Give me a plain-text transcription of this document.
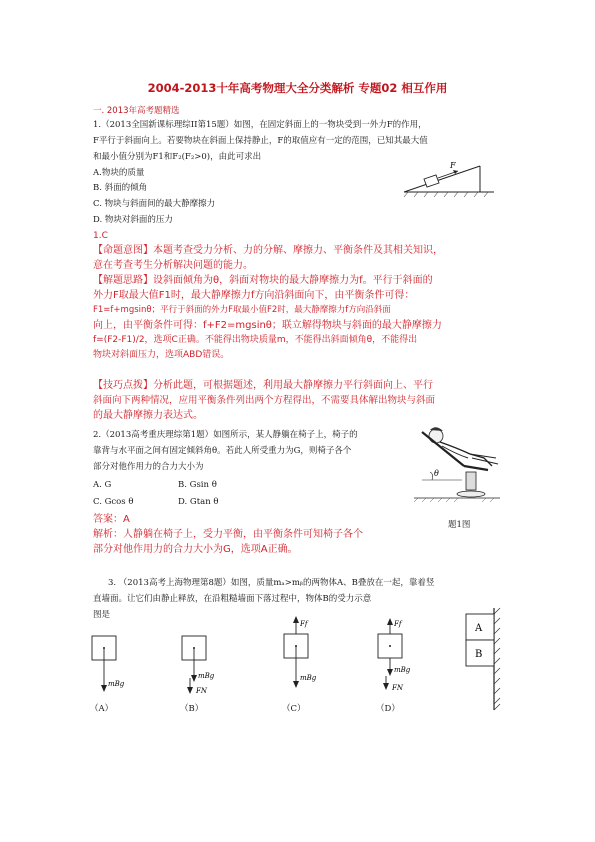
2004-2013十年高考物理大全分类解析 专题02 相互作用
一. 2013年高考题精选
1.（2013全国新课标理综II第15题）如图，在固定斜面上的一物块受到一外力F的作用，
F平行于斜面向上。若要物块在斜面上保持静止，F的取值应有一定的范围，已知其最大值
和最小值分别为F1和F₂(F₂>0)，由此可求出
A.物块的质量
B. 斜面的倾角
C. 物块与斜面间的最大静摩擦力
D. 物块对斜面的压力
F
1.C
【命题意图】本题考查受力分析、力的分解、摩擦力、平衡条件及其相关知识，
意在考查考生分析解决问题的能力。
【解题思路】设斜面倾角为θ，斜面对物块的最大静摩擦力为f。平行于斜面的
外力F取最大值F1时，最大静摩擦力f方向沿斜面向下，由平衡条件可得：
F1=f+mgsinθ；平行于斜面的外力F取最小值F2时，最大静摩擦力f方向沿斜面
向上，由平衡条件可得：f+F2=mgsinθ；联立解得物块与斜面的最大静摩擦力
f=(F2-F1)/2，选项C正确。不能得出物块质量m，不能得出斜面倾角θ，不能得出
物块对斜面压力，选项ABD错误。
【技巧点拨】分析此题，可根据题述，利用最大静摩擦力平行斜面向上、平行
斜面向下两种情况，应用平衡条件列出两个方程得出，不需要具体解出物块与斜面
的最大静摩擦力表达式。
2.（2013高考重庆理综第1题）如图所示，某人静躺在椅子上，椅子的
靠背与水平面之间有固定倾斜角θ。若此人所受重力为G，则椅子各个
部分对他作用力的合力大小为
A. G	B. Gsin θ
C. Gcos θ	D. Gtan θ
θ
题1图
答案：A
解析：人静躺在椅子上，受力平衡，由平衡条件可知椅子各个
部分对他作用力的合力大小为G，选项A正确。
3. （2013高考上海物理第8题）如图，质量mₐ>mᵦ的两物体A、B叠放在一起，靠着竖
直墙面。让它们由静止释放，在沿粗糙墙面下落过程中，物体B的受力示意
图是
mBg
（A）
mBg
FN
（B）
Ff
mBg
（C）
Ff
mBg
FN
（D）
A
B
